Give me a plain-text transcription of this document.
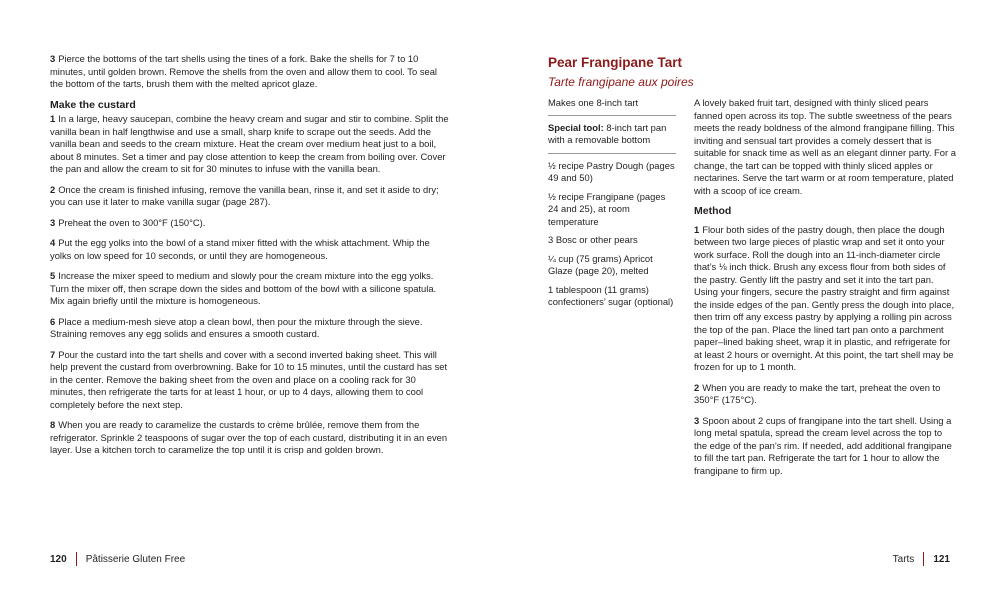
3 Pierce the bottoms of the tart shells using the tines of a fork. Bake the shells for 7 to 10 minutes, until golden brown. Remove the shells from the oven and allow them to cool. To seal the bottom of the tarts, brush them with the melted apricot glaze.

Make the custard

1 In a large, heavy saucepan, combine the heavy cream and sugar and stir to combine. Split the vanilla bean in half lengthwise and use a small, sharp knife to scrape out the seeds. Add the vanilla bean and seeds to the cream mixture. Heat the cream over medium heat just to a boil, about 8 minutes. Set a timer and pay close attention to keep the cream from boiling over. Cover the pan and allow the cream to sit for 30 minutes to infuse with the vanilla bean.

2 Once the cream is finished infusing, remove the vanilla bean, rinse it, and set it aside to dry; you can use it later to make vanilla sugar (page 287).

3 Preheat the oven to 300°F (150°C).

4 Put the egg yolks into the bowl of a stand mixer fitted with the whisk attachment. Whip the yolks on low speed for 10 seconds, or until they are homogeneous.

5 Increase the mixer speed to medium and slowly pour the cream mixture into the egg yolks. Turn the mixer off, then scrape down the sides and bottom of the bowl with a silicone spatula. Mix again briefly until the mixture is homogeneous.

6 Place a medium-mesh sieve atop a clean bowl, then pour the mixture through the sieve. Straining removes any egg solids and ensures a smooth custard.

7 Pour the custard into the tart shells and cover with a second inverted baking sheet. This will help prevent the custard from overbrowning. Bake for 10 to 15 minutes, until the custard has set in the center. Remove the baking sheet from the oven and place on a cooling rack for 30 minutes, then refrigerate the tarts for at least 1 hour, or up to 4 days, allowing them to cool completely before the next step.

8 When you are ready to caramelize the custards to crème brûlée, remove them from the refrigerator. Sprinkle 2 teaspoons of sugar over the top of each custard, distributing it in an even layer. Use a kitchen torch to caramelize the top until it is crisp and golden brown.

120 Pâtisserie Gluten Free
Pear Frangipane Tart
Tarte frangipane aux poires
Makes one 8-inch tart
Special tool: 8-inch tart pan with a removable bottom
½ recipe Pastry Dough (pages 49 and 50)
½ recipe Frangipane (pages 24 and 25), at room temperature
3 Bosc or other pears
¼ cup (75 grams) Apricot Glaze (page 20), melted
1 tablespoon (11 grams) confectioners’ sugar (optional)

A lovely baked fruit tart, designed with thinly sliced pears fanned open across its top. The subtle sweetness of the pears meets the ready boldness of the almond frangipane filling. This inviting and sensual tart provides a comely dessert that is suitable for snack time as well as an elegant dinner party. For a change, the tart can be topped with thinly sliced apples or nectarines. Serve the tart warm or at room temperature, plated with a scoop of ice cream.

Method

1 Flour both sides of the pastry dough, then place the dough between two large pieces of plastic wrap and set it onto your work surface. Roll the dough into an 11-inch-diameter circle that’s ⅛ inch thick. Brush any excess flour from both sides of the pastry. Gently lift the pastry and set it into the tart pan. Using your fingers, secure the pastry straight and firm against the inside edges of the pan. Gently press the dough into place, then trim off any excess pastry by applying a rolling pin across the top of the pan. Place the lined tart pan onto a parchment paper–lined baking sheet, wrap it in plastic, and refrigerate for at least 2 hours or overnight. At this point, the tart shell may be frozen for up to 1 month.

2 When you are ready to make the tart, preheat the oven to 350°F (175°C).

3 Spoon about 2 cups of frangipane into the tart shell. Using a long metal spatula, spread the cream level across the top to the edge of the pan’s rim. If needed, add additional frangipane to fill the tart pan. Refrigerate the tart for 1 hour to allow the frangipane to firm up.

Tarts 121
